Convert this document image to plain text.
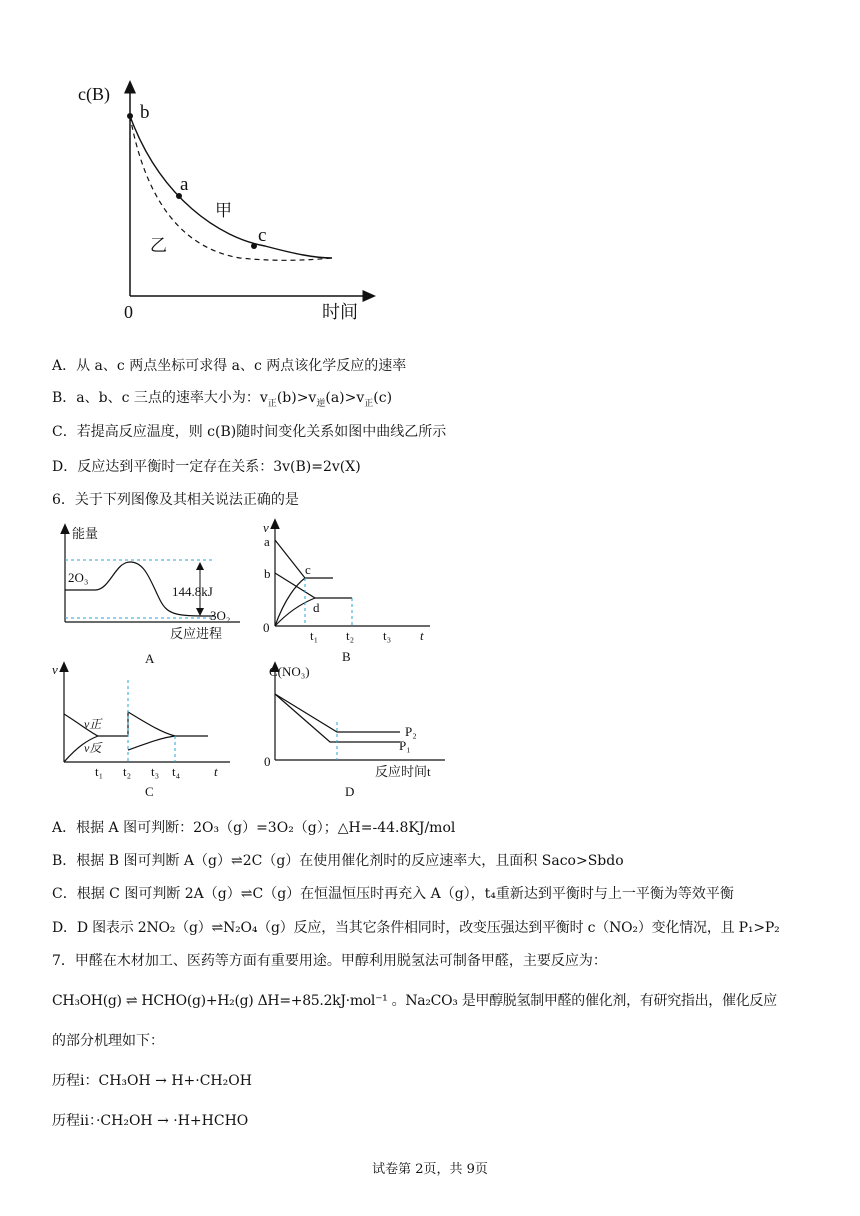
c(B)
b
a
c
甲
乙
0	时间
A．从 a、c 两点坐标可求得 a、c 两点该化学反应的速率
B．a、b、c 三点的速率大小为：$v_正(b)>v_逆(a)>v_正(c)$
C．若提高反应温度，则 c(B)随时间变化关系如图中曲线乙所示
D．反应达到平衡时一定存在关系：3v(B)=2v(X)
6．关于下列图像及其相关说法正确的是
能量
2O₃
144.8kJ
3O₂
反应进程
A
v
a
b	c
d
0
t₁ t₂ t₃ t
B
v
v正
v反
t₁ t₂ t₃ t₄	t
C
C(NO₃)
P₂
P₁
0
反应时间t
D
A．根据 A 图可判断：2O₃（g）=3O₂（g）；△H=-44.8KJ/mol
B．根据 B 图可判断 A（g）⇌2C（g）在使用催化剂时的反应速率大，且面积 Saco>Sbdo
C．根据 C 图可判断 2A（g）⇌C（g）在恒温恒压时再充入 A（g），t₄重新达到平衡时与上一平衡为等效平衡
D．D 图表示 2NO₂（g）⇌N₂O₄（g）反应，当其它条件相同时，改变压强达到平衡时 c（NO₂）变化情况，且 P₁>P₂
7．甲醛在木材加工、医药等方面有重要用途。甲醇利用脱氢法可制备甲醛，主要反应为：
CH₃OH(g) ⇌ HCHO(g)+H₂(g) ΔH=+85.2kJ·mol⁻¹ 。Na₂CO₃ 是甲醇脱氢制甲醛的催化剂，有研究指出，催化反应
的部分机理如下：
历程i：CH₃OH → H+·CH₂OH
历程ii：·CH₂OH → ·H+HCHO
试卷第 2页，共 9页
